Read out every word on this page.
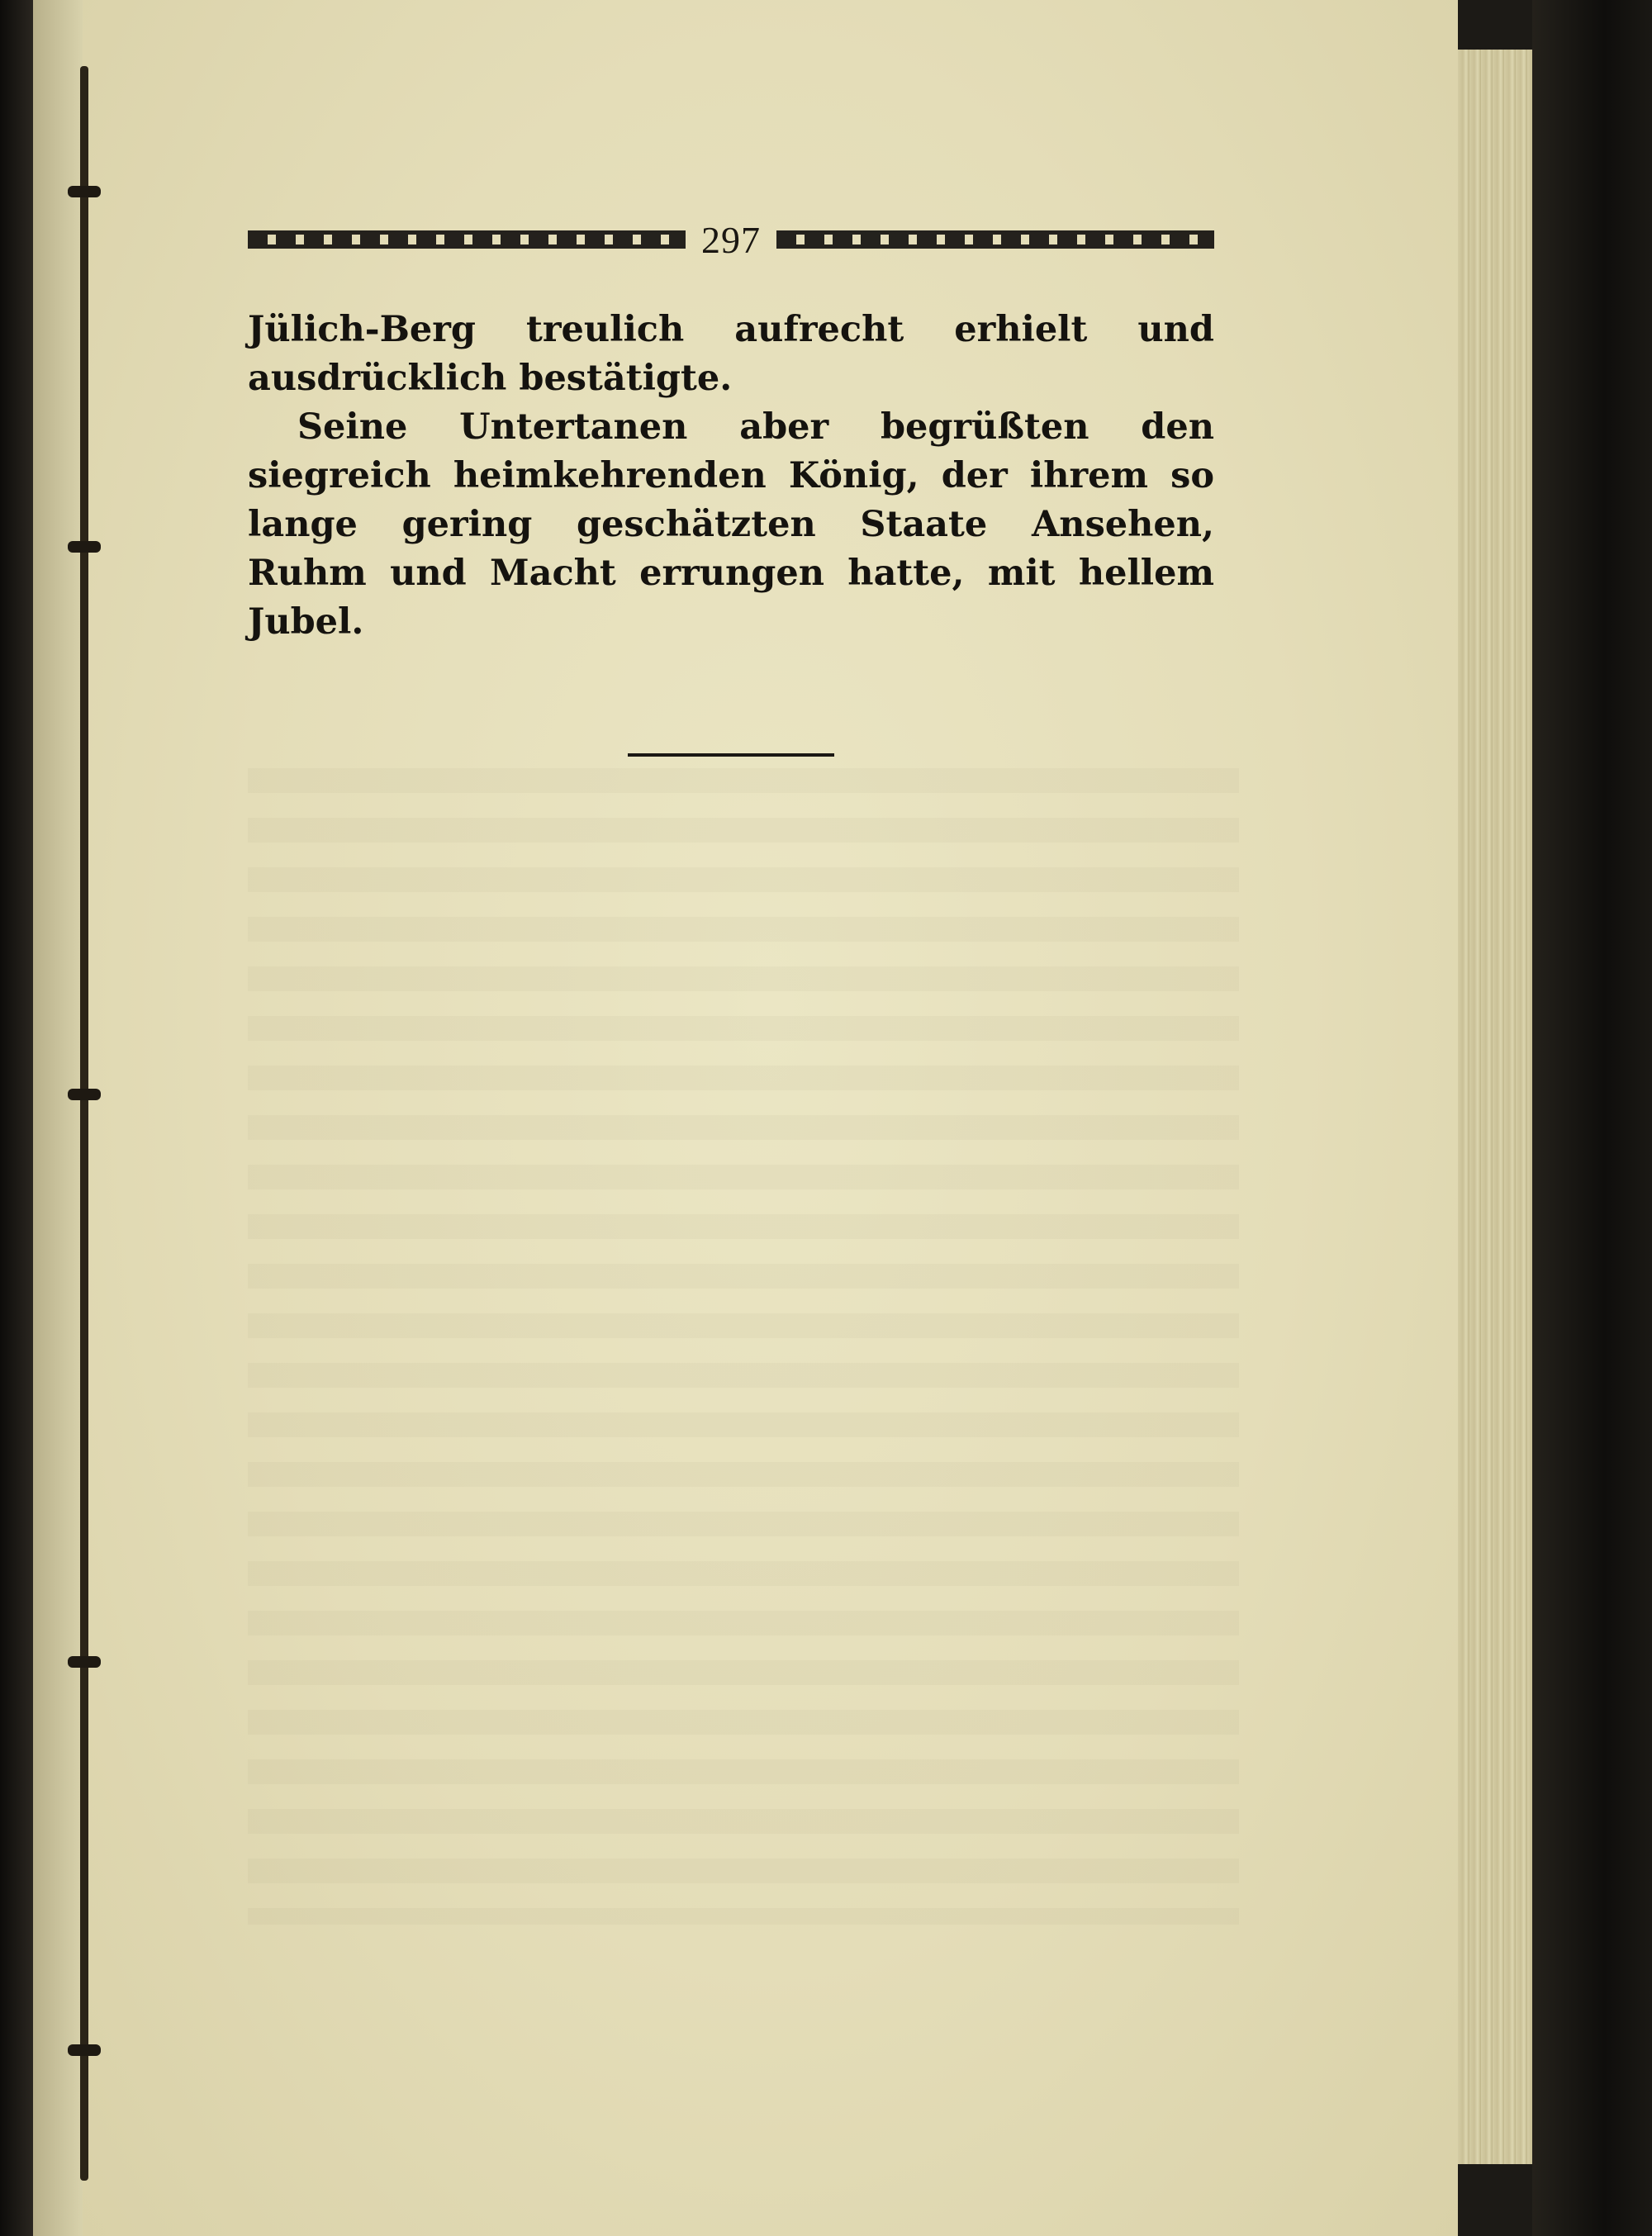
297

Jülich-Berg treulich aufrecht erhielt und ausdrücklich bestätigte.

Seine Untertanen aber begrüßten den siegreich heimkehrenden König, der ihrem so lange gering geschätzten Staate Ansehen, Ruhm und Macht errungen hatte, mit hellem Jubel.
